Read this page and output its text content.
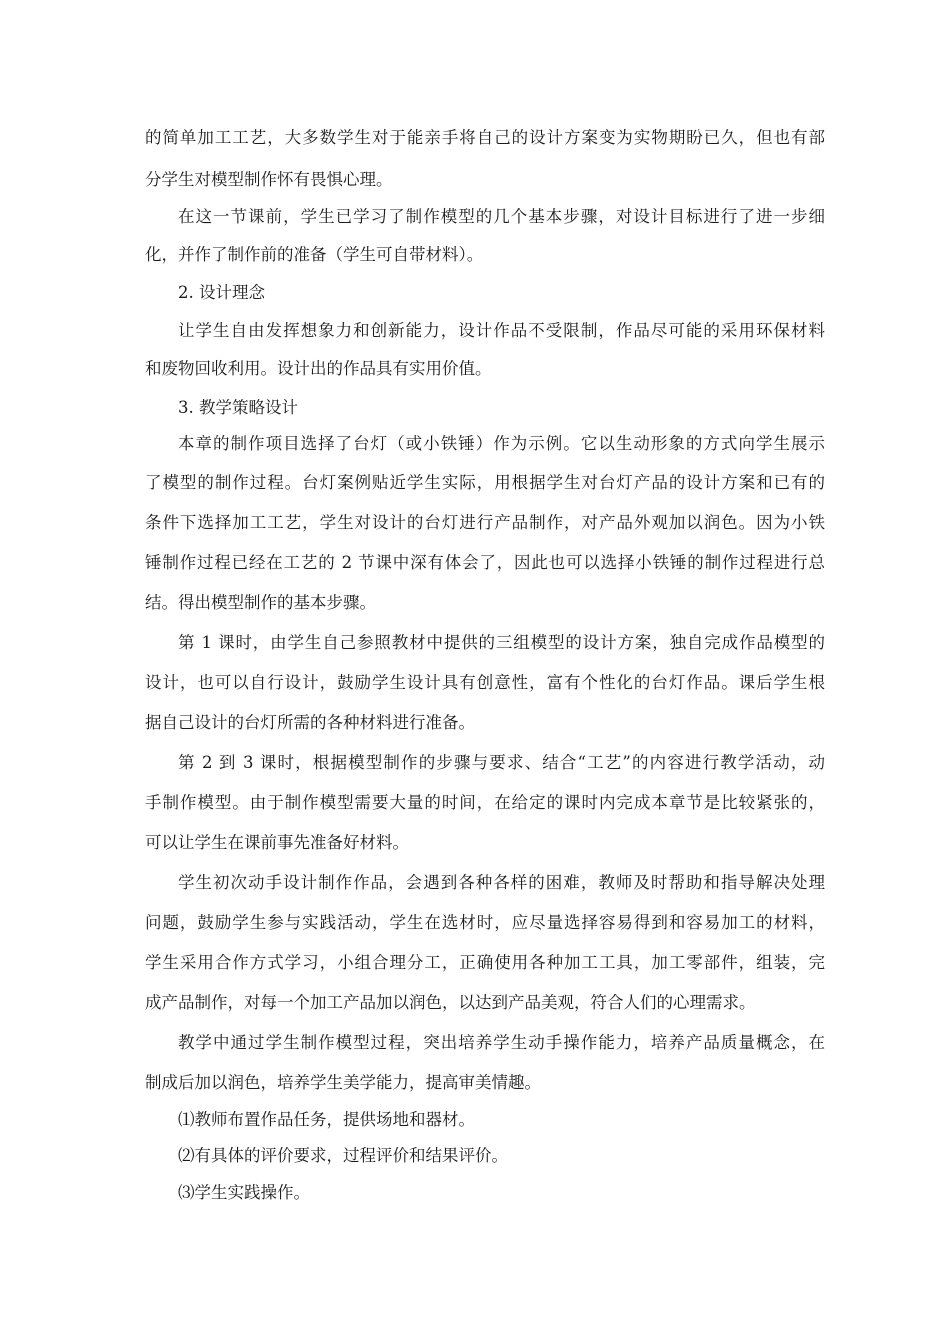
的简单加工工艺，大多数学生对于能亲手将自己的设计方案变为实物期盼已久，但也有部
分学生对模型制作怀有畏惧心理。
在这一节课前，学生已学习了制作模型的几个基本步骤，对设计目标进行了进一步细
化，并作了制作前的准备（学生可自带材料）。
2. 设计理念
让学生自由发挥想象力和创新能力，设计作品不受限制，作品尽可能的采用环保材料
和废物回收利用。设计出的作品具有实用价值。
3. 教学策略设计
本章的制作项目选择了台灯（或小铁锤）作为示例。它以生动形象的方式向学生展示
了模型的制作过程。台灯案例贴近学生实际，用根据学生对台灯产品的设计方案和已有的
条件下选择加工工艺，学生对设计的台灯进行产品制作，对产品外观加以润色。因为小铁
锤制作过程已经在工艺的 2 节课中深有体会了，因此也可以选择小铁锤的制作过程进行总
结。得出模型制作的基本步骤。
第 1 课时，由学生自己参照教材中提供的三组模型的设计方案，独自完成作品模型的
设计，也可以自行设计，鼓励学生设计具有创意性，富有个性化的台灯作品。课后学生根
据自己设计的台灯所需的各种材料进行准备。
第 2 到 3 课时，根据模型制作的步骤与要求、结合“工艺”的内容进行教学活动，动
手制作模型。由于制作模型需要大量的时间，在给定的课时内完成本章节是比较紧张的，
可以让学生在课前事先准备好材料。
学生初次动手设计制作作品，会遇到各种各样的困难，教师及时帮助和指导解决处理
问题，鼓励学生参与实践活动，学生在选材时，应尽量选择容易得到和容易加工的材料，
学生采用合作方式学习，小组合理分工，正确使用各种加工工具，加工零部件，组装，完
成产品制作，对每一个加工产品加以润色，以达到产品美观，符合人们的心理需求。
教学中通过学生制作模型过程，突出培养学生动手操作能力，培养产品质量概念，在
制成后加以润色，培养学生美学能力，提高审美情趣。
⑴教师布置作品任务，提供场地和器材。
⑵有具体的评价要求，过程评价和结果评价。
⑶学生实践操作。
